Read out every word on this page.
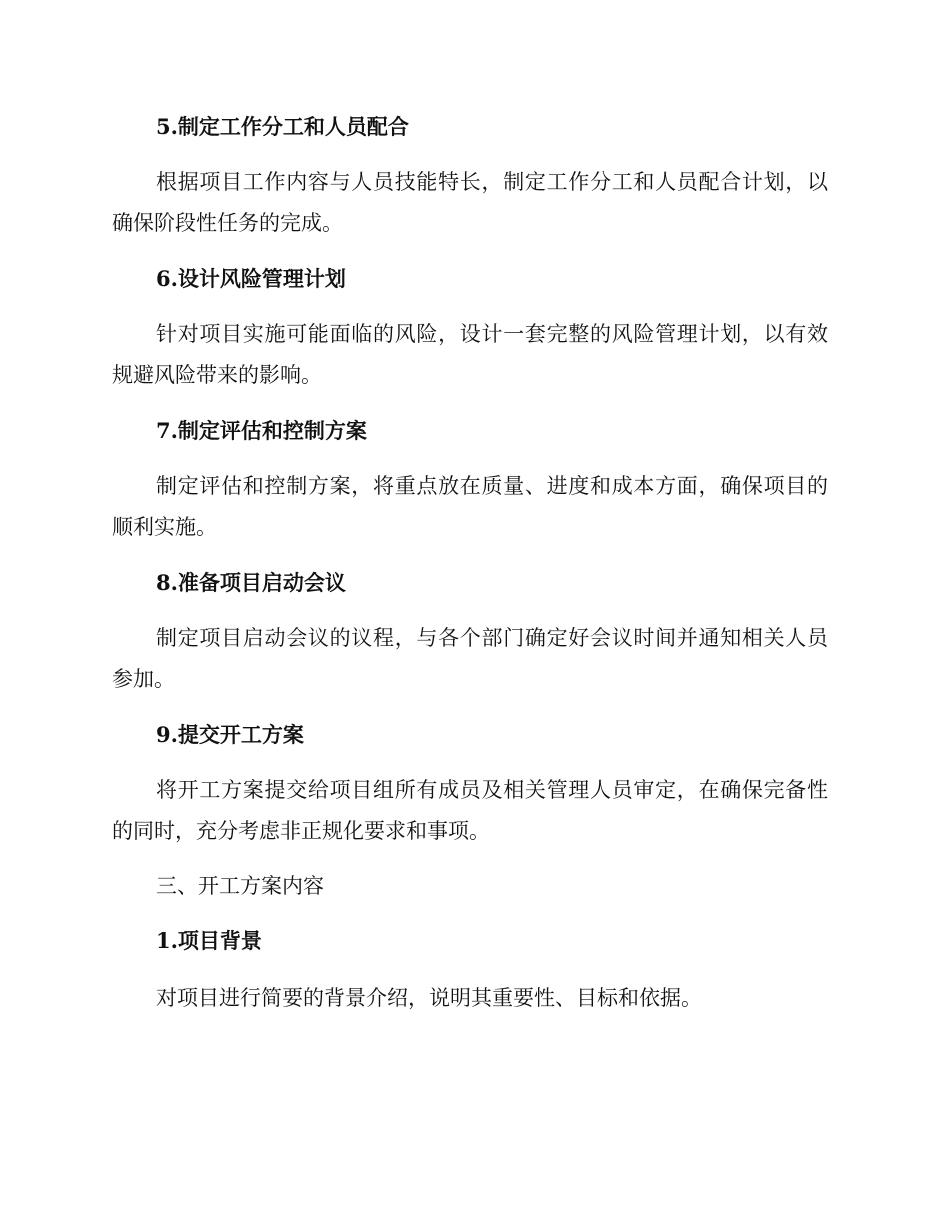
5.制定工作分工和人员配合
根据项目工作内容与人员技能特长，制定工作分工和人员配合计划，以
确保阶段性任务的完成。
6.设计风险管理计划
针对项目实施可能面临的风险，设计一套完整的风险管理计划，以有效
规避风险带来的影响。
7.制定评估和控制方案
制定评估和控制方案，将重点放在质量、进度和成本方面，确保项目的
顺利实施。
8.准备项目启动会议
制定项目启动会议的议程，与各个部门确定好会议时间并通知相关人员
参加。
9.提交开工方案
将开工方案提交给项目组所有成员及相关管理人员审定，在确保完备性
的同时，充分考虑非正规化要求和事项。
三、开工方案内容
1.项目背景
对项目进行简要的背景介绍，说明其重要性、目标和依据。
